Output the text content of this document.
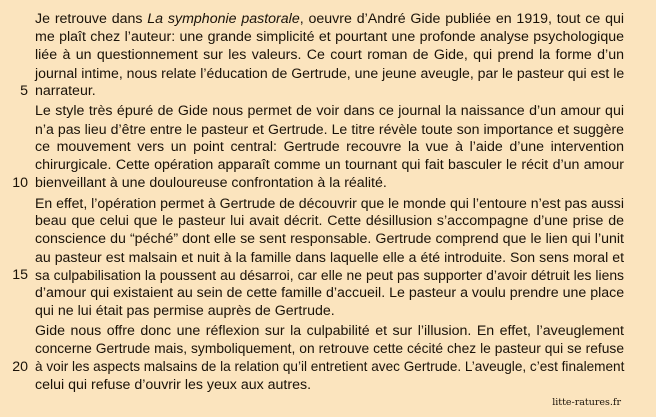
Je retrouve dans La symphonie pastorale, oeuvre d’André Gide publiée en 1919, tout ce qui
me plaît chez l’auteur: une grande simplicité et pourtant une profonde analyse psychologique
liée à un questionnement sur les valeurs. Ce court roman de Gide, qui prend la forme d’un
journal intime, nous relate l’éducation de Gertrude, une jeune aveugle, par le pasteur qui est le
narrateur.
Le style très épuré de Gide nous permet de voir dans ce journal la naissance d’un amour qui
n’a pas lieu d’être entre le pasteur et Gertrude. Le titre révèle toute son importance et suggère
ce mouvement vers un point central: Gertrude recouvre la vue à l’aide d’une intervention
chirurgicale. Cette opération apparaît comme un tournant qui fait basculer le récit d’un amour
bienveillant à une douloureuse confrontation à la réalité.
En effet, l’opération permet à Gertrude de découvrir que le monde qui l’entoure n’est pas aussi
beau que celui que le pasteur lui avait décrit. Cette désillusion s’accompagne d’une prise de
conscience du “péché” dont elle se sent responsable. Gertrude comprend que le lien qui l’unit
au pasteur est malsain et nuit à la famille dans laquelle elle a été introduite. Son sens moral et
sa culpabilisation la poussent au désarroi, car elle ne peut pas supporter d’avoir détruit les liens
d’amour qui existaient au sein de cette famille d’accueil. Le pasteur a voulu prendre une place
qui ne lui était pas permise auprès de Gertrude.
Gide nous offre donc une réflexion sur la culpabilité et sur l’illusion. En effet, l’aveuglement
concerne Gertrude mais, symboliquement, on retrouve cette cécité chez le pasteur qui se refuse
à voir les aspects malsains de la relation qu’il entretient avec Gertrude. L’aveugle, c’est finalement
celui qui refuse d’ouvrir les yeux aux autres.
5
10
15
20
litte-ratures.fr
